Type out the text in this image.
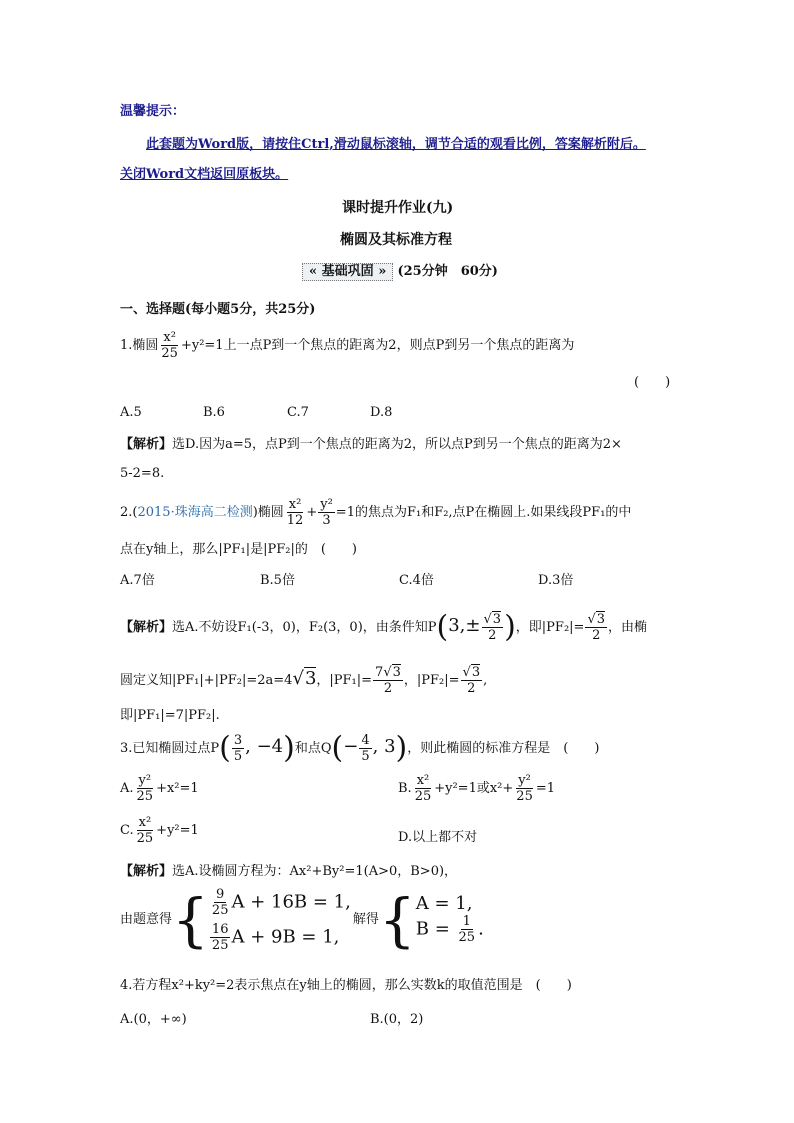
温馨提示：
此套题为Word版，请按住Ctrl,滑动鼠标滚轴，调节合适的观看比例，答案解析附后。
关闭Word文档返回原板块。
课时提升作业(九)
椭圆及其标准方程
« 基础巩固 » (25分钟　60分)
一、选择题(每小题5分，共25分)
1.椭圆 $\frac{\text{x²}}{25} +y^2=1$上一点P到一个焦点的距离为2，则点P到另一个焦点的距离为
(　　)
A.5	B.6	C.7	D.8
【解析】选D.因为a=5，点P到一个焦点的距离为2，所以点P到另一个焦点的距离为2×
5-2=8.
2.(2015·珠海高二检测)椭圆 $\frac{\text{x²}}{12} + \frac{\text{y²}}{3} =1$的焦点为F₁和F₂,点P在椭圆上.如果线段PF₁的中
点在y轴上，那么|PF₁|是|PF₂|的　(　　)
A.7倍	B.5倍	C.4倍	D.3倍
【解析】选A.不妨设F₁(-3，0)，F₂(3，0)，由条件知$P(3,\pm \frac{√3}{2}$ )，即$|PF_2|= \frac{√3}{2}$ ，由椭
圆定义知|PF₁|+|PF₂|=2a=4√3，$|PF_1|= \frac{7√3}{2}$ ，$|PF_2|= \frac{√3}{2}$ ,
即|PF₁|=7|PF₂|.
3.已知椭圆过点$P( \frac{3}{5}$ , −4)和点$Q(- \frac{4}{5}$ , 3)，则此椭圆的标准方程是　(　　)
A. $\frac{\text{y²}}{25} +x^2=1$	B. $\frac{\text{x²}}{25} +y^2=1$或$x^2+ \frac{\text{y²}}{25} =1$
C. $\frac{\text{x²}}{25} +y^2=1$	D.以上都不对
【解析】选A.设椭圆方程为：Ax²+By²=1(A>0，B>0)，
由题意得 { $\frac{9}{25}$ A + 16B = 1,
$\frac{16}{25}$ A + 9B = 1,
解得 { A = 1,
$B = \frac{1}{25}$ .
4.若方程x²+ky²=2表示焦点在y轴上的椭圆，那么实数k的取值范围是　(　　)
A.(0，+∞)	B.(0，2)
